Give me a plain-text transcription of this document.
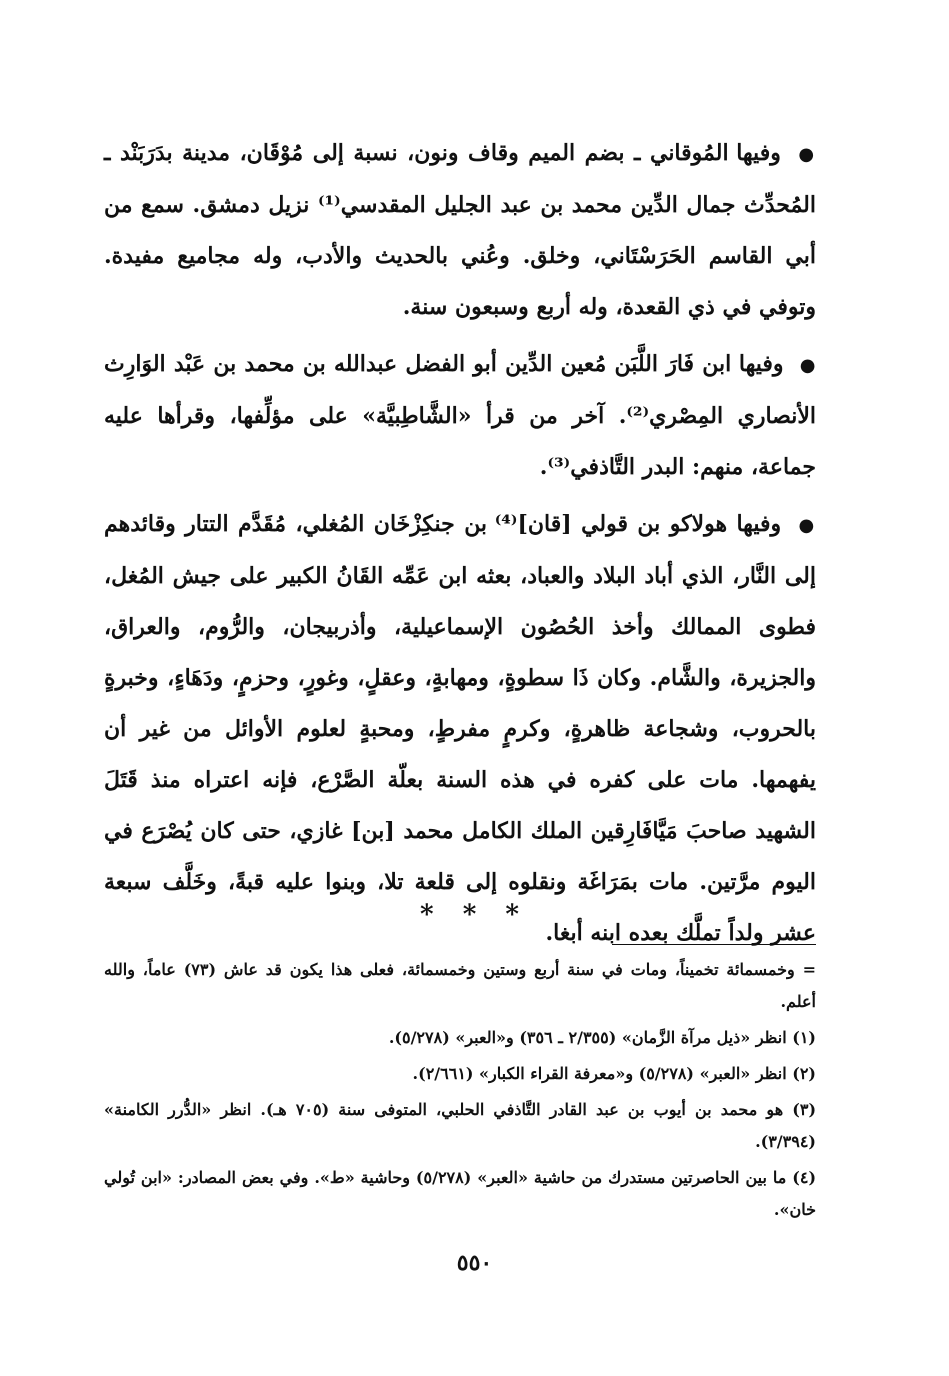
● وفيها المُوقاني ـ بضم الميم وقاف ونون، نسبة إلى مُوْقَان، مدينة بدَرَبَنْد ـ المُحدِّث جمال الدِّين محمد بن عبد الجليل المقدسي⁽¹⁾ نزيل دمشق. سمع من أبي القاسم الحَرَسْتَاني، وخلق. وعُني بالحديث والأدب، وله مجاميع مفيدة. وتوفي في ذي القعدة، وله أربع وسبعون سنة.

● وفيها ابن فَارَ اللَّبَن مُعين الدِّين أبو الفضل عبدالله بن محمد بن عَبْد الوَارِث الأنصاري المِصْري⁽²⁾. آخر من قرأ «الشَّاطِبيَّة» على مؤلِّفها، وقرأها عليه جماعة، منهم: البدر التَّاذفي⁽³⁾.

● وفيها هولاكو بن قولي [قان]⁽⁴⁾ بن جنكِزْخَان المُغلي، مُقَدَّم التتار وقائدهم إلى النَّار، الذي أباد البلاد والعباد، بعثه ابن عَمِّه القَانُ الكبير على جيش المُغل، فطوى الممالك وأخذ الحُصُون الإسماعيلية، وأذربيجان، والرُّوم، والعراق، والجزيرة، والشَّام. وكان ذَا سطوةٍ، ومهابةٍ، وعقلٍ، وغورٍ، وحزمٍ، ودَهَاءٍ، وخبرةٍ بالحروب، وشجاعة ظاهرةٍ، وكرمٍ مفرطٍ، ومحبةٍ لعلوم الأوائل من غير أن يفهمها. مات على كفره في هذه السنة بعلّة الصَّرْع، فإنه اعتراه منذ قَتَلَ الشهيد صاحبَ مَيَّافَارِقين الملك الكامل محمد [بن] غازي، حتى كان يُصْرَع في اليوم مرَّتين. مات بمَرَاغَة ونقلوه إلى قلعة تلا، وبنوا عليه قبةً، وخَلَّف سبعة عشر ولداً تملَّك بعده ابنه أبغا.

* * *

= وخمسمائة تخميناً، ومات في سنة أربع وستين وخمسمائة، فعلى هذا يكون قد عاش (٧٣) عاماً، والله أعلم.

(١) انظر «ذيل مرآة الزَّمان» (٢/٣٥٥ ـ ٣٥٦) و«العبر» (٥/٢٧٨).

(٢) انظر «العبر» (٥/٢٧٨) و«معرفة القراء الكبار» (٢/٦٦١).

(٣) هو محمد بن أيوب بن عبد القادر التَّاذفي الحلبي، المتوفى سنة (٧٠٥ هـ). انظر «الدُّرر الكامنة» (٣/٣٩٤).

(٤) ما بين الحاصرتين مستدرك من حاشية «العبر» (٥/٢٧٨) وحاشية «ط». وفي بعض المصادر: «ابن تُولي خان».

٥٥٠
